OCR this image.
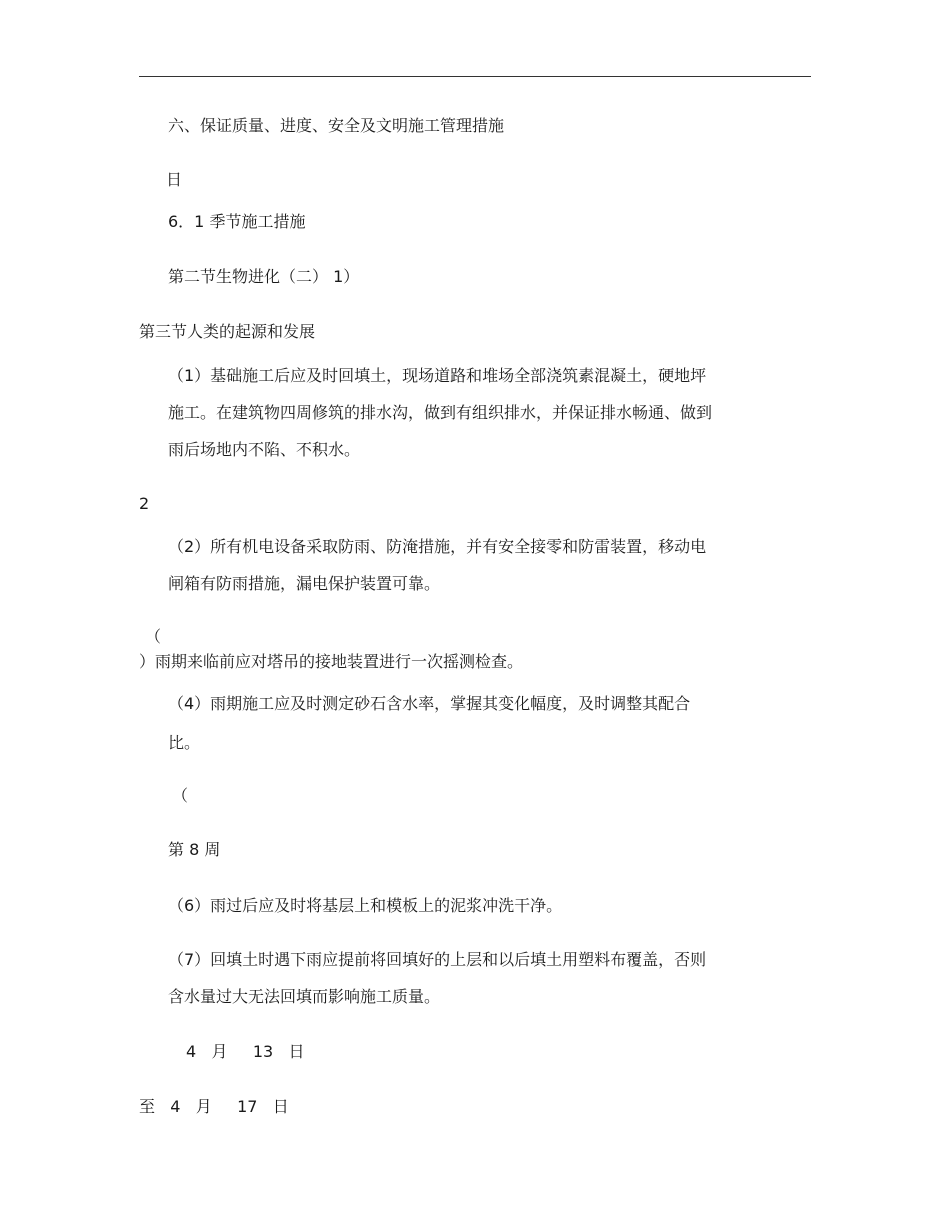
六、保证质量、进度、安全及文明施工管理措施
日
6．1 季节施工措施
第二节生物进化（二） 1）
第三节人类的起源和发展
（1）基础施工后应及时回填土，现场道路和堆场全部浇筑素混凝土，硬地坪
施工。在建筑物四周修筑的排水沟，做到有组织排水，并保证排水畅通、做到
雨后场地内不陷、不积水。
2
（2）所有机电设备采取防雨、防淹措施，并有安全接零和防雷装置，移动电
闸箱有防雨措施，漏电保护装置可靠。
（
）雨期来临前应对塔吊的接地装置进行一次摇测检查。
（4）雨期施工应及时测定砂石含水率，掌握其变化幅度，及时调整其配合
比。
（
第 8 周
（6）雨过后应及时将基层上和模板上的泥浆冲洗干净。
（7）回填土时遇下雨应提前将回填好的上层和以后填土用塑料布覆盖，否则
含水量过大无法回填而影响施工质量。
4   月     13   日
至   4   月     17   日
